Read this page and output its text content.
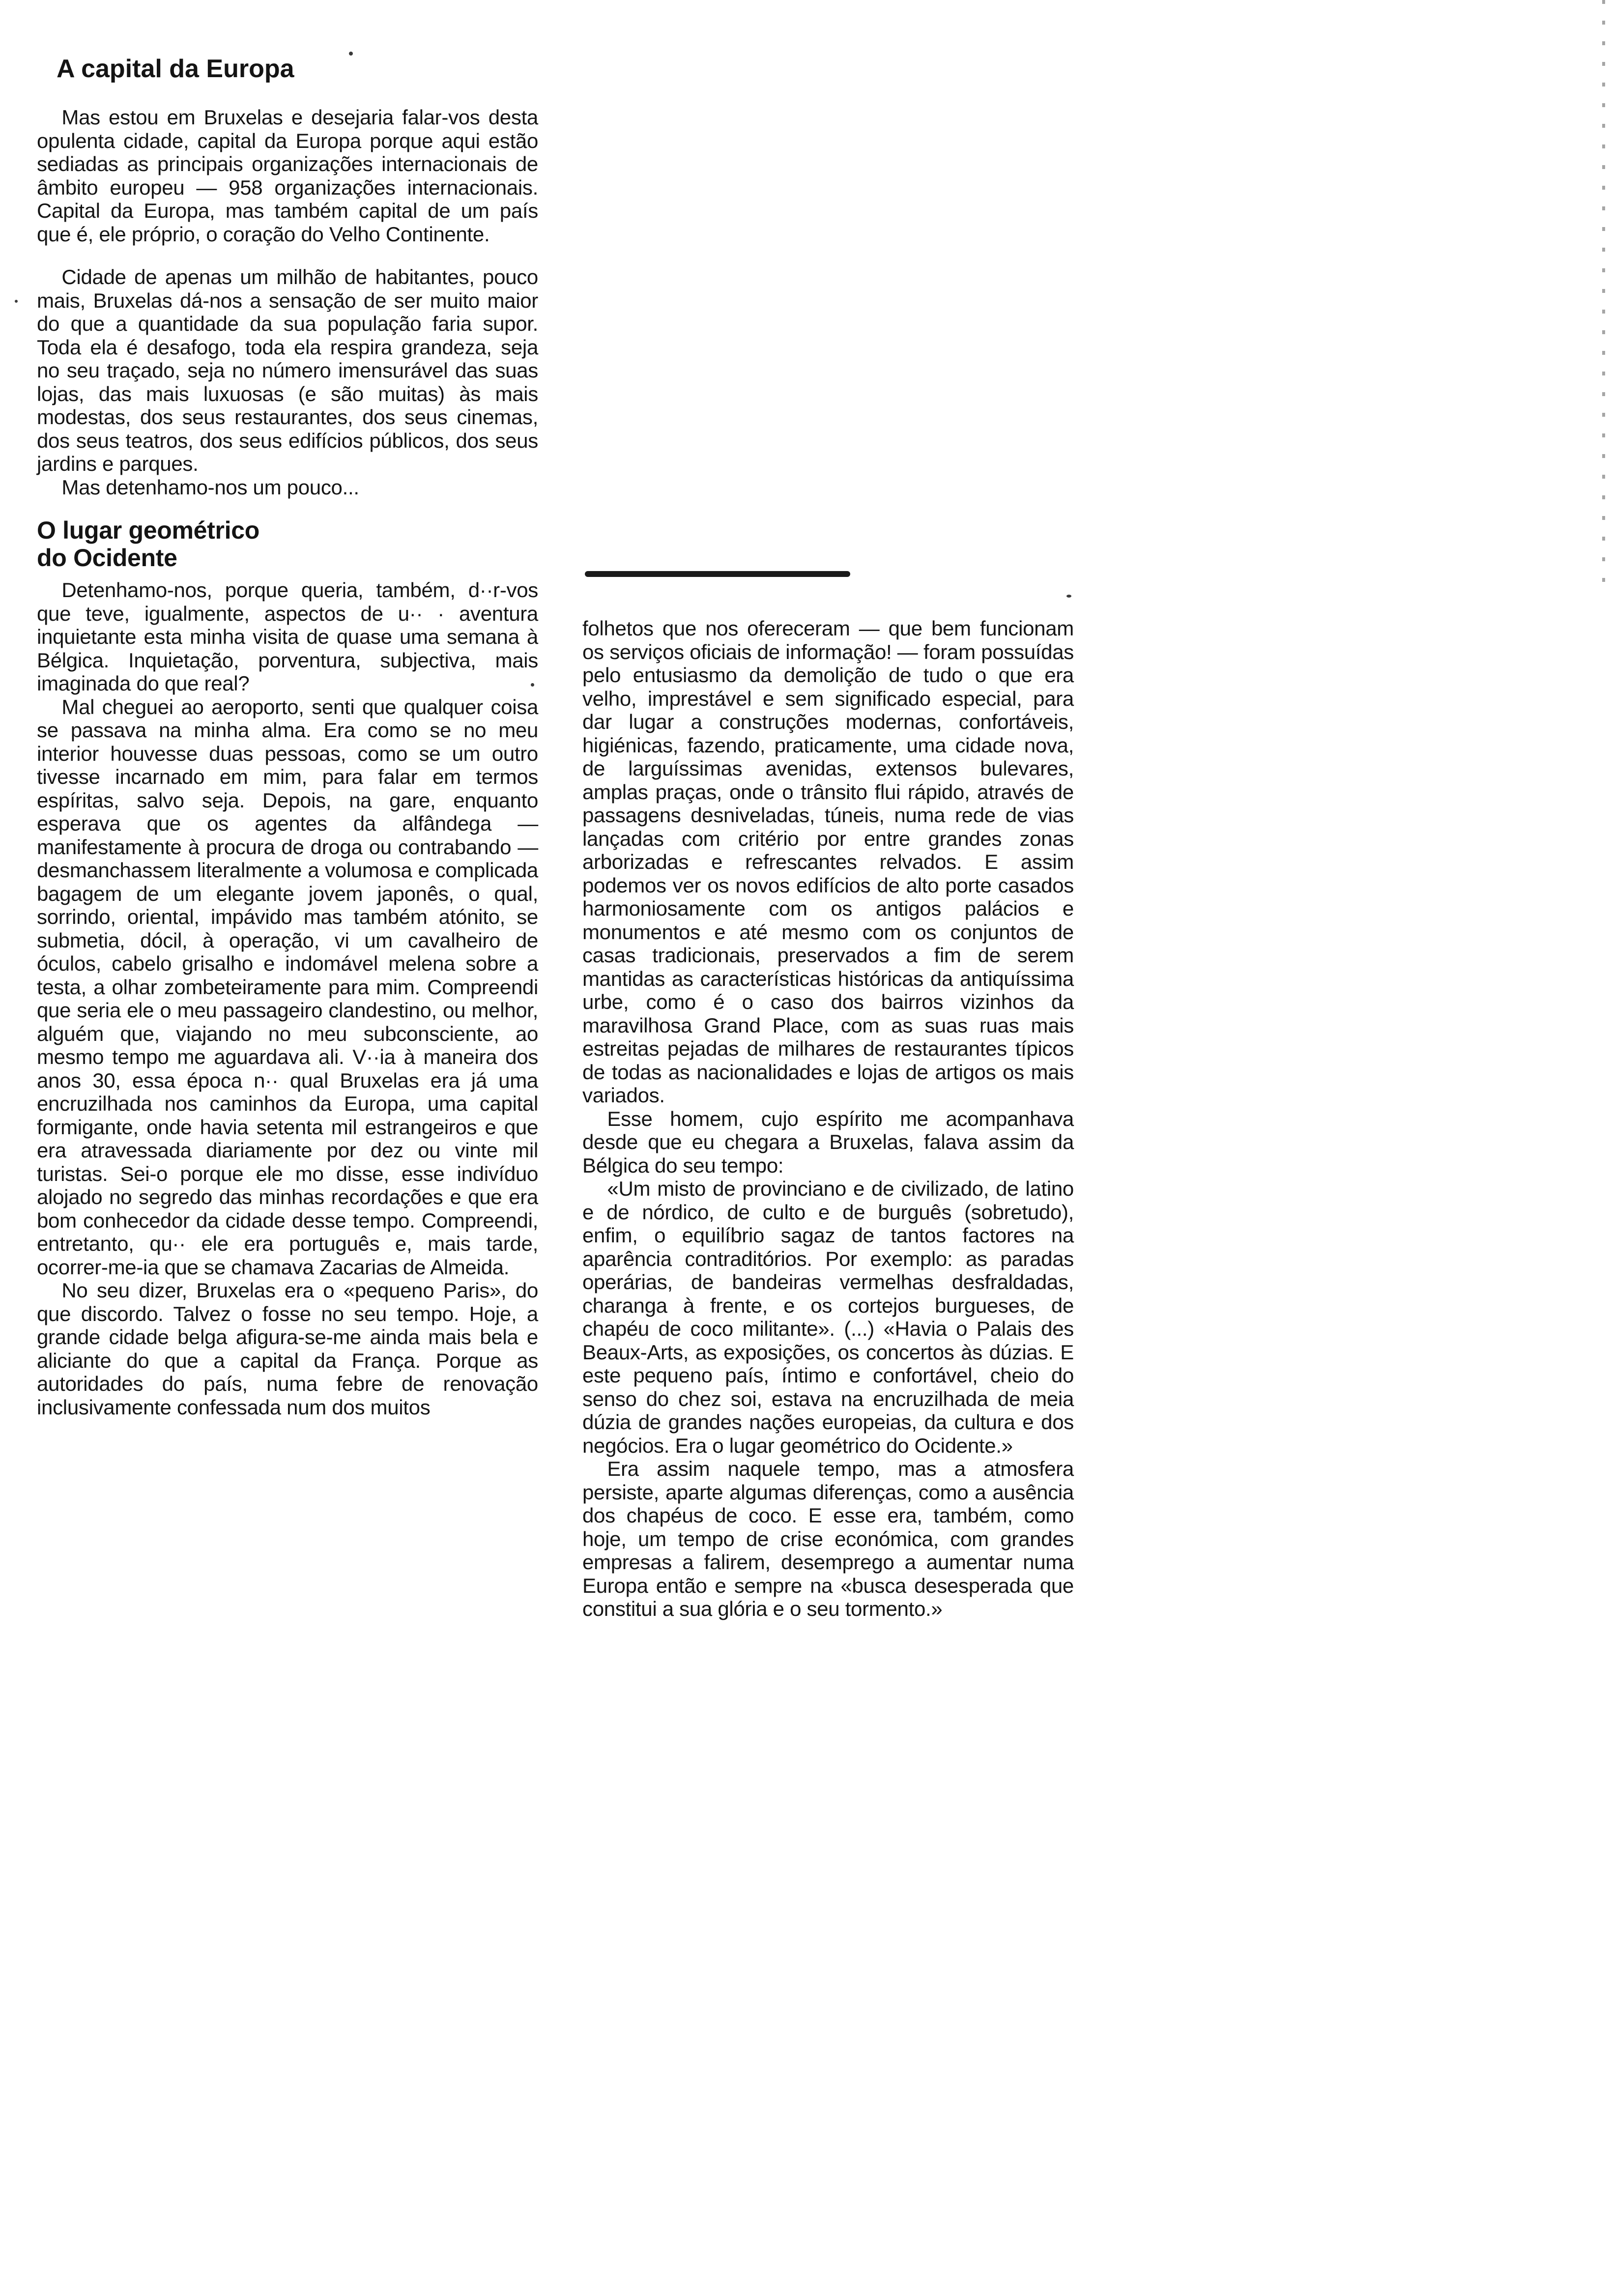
A capital da Europa

Mas estou em Bruxelas e desejaria falar-vos desta opulenta cidade, capital da Europa porque aqui estão sediadas as principais organizações internacionais de âmbito europeu — 958 organizações internacionais. Capital da Europa, mas também capital de um país que é, ele próprio, o coração do Velho Continente.

Cidade de apenas um milhão de habitantes, pouco mais, Bruxelas dá-nos a sensação de ser muito maior do que a quantidade da sua população faria supor. Toda ela é desafogo, toda ela respira grandeza, seja no seu traçado, seja no número imensurável das suas lojas, das mais luxuosas (e são muitas) às mais modestas, dos seus restaurantes, dos seus cinemas, dos seus teatros, dos seus edifícios públicos, dos seus jardins e parques.

Mas detenhamo-nos um pouco...

O lugar geométrico
do Ocidente

Detenhamo-nos, porque queria, também, d··r-vos que teve, igualmente, aspectos de u·· · aventura inquietante esta minha visita de quase uma semana à Bélgica. Inquietação, porventura, subjectiva, mais imaginada do que real?

Mal cheguei ao aeroporto, senti que qualquer coisa se passava na minha alma. Era como se no meu interior houvesse duas pessoas, como se um outro tivesse incarnado em mim, para falar em termos espíritas, salvo seja. Depois, na gare, enquanto esperava que os agentes da alfândega — manifestamente à procura de droga ou contrabando — desmanchassem literalmente a volumosa e complicada bagagem de um elegante jovem japonês, o qual, sorrindo, oriental, impávido mas também atónito, se submetia, dócil, à operação, vi um cavalheiro de óculos, cabelo grisalho e indomável melena sobre a testa, a olhar zombeteiramente para mim. Compreendi que seria ele o meu passageiro clandestino, ou melhor, alguém que, viajando no meu subconsciente, ao mesmo tempo me aguardava ali. V··ia à maneira dos anos 30, essa época n·· qual Bruxelas era já uma encruzilhada nos caminhos da Europa, uma capital formigante, onde havia setenta mil estrangeiros e que era atravessada diariamente por dez ou vinte mil turistas. Sei-o porque ele mo disse, esse indivíduo alojado no segredo das minhas recordações e que era bom conhecedor da cidade desse tempo. Compreendi, entretanto, qu·· ele era português e, mais tarde, ocorrer-me-ia que se chamava Zacarias de Almeida.

No seu dizer, Bruxelas era o «pequeno Paris», do que discordo. Talvez o fosse no seu tempo. Hoje, a grande cidade belga afigura-se-me ainda mais bela e aliciante do que a capital da França. Porque as autoridades do país, numa febre de renovação inclusivamente confessada num dos muitos

folhetos que nos ofereceram — que bem funcionam os serviços oficiais de informação! — foram possuídas pelo entusiasmo da demolição de tudo o que era velho, imprestável e sem significado especial, para dar lugar a construções modernas, confortáveis, higiénicas, fazendo, praticamente, uma cidade nova, de larguíssimas avenidas, extensos bulevares, amplas praças, onde o trânsito flui rápido, através de passagens desniveladas, túneis, numa rede de vias lançadas com critério por entre grandes zonas arborizadas e refrescantes relvados. E assim podemos ver os novos edifícios de alto porte casados harmoniosamente com os antigos palácios e monumentos e até mesmo com os conjuntos de casas tradicionais, preservados a fim de serem mantidas as características históricas da antiquíssima urbe, como é o caso dos bairros vizinhos da maravilhosa Grand Place, com as suas ruas mais estreitas pejadas de milhares de restaurantes típicos de todas as nacionalidades e lojas de artigos os mais variados.

Esse homem, cujo espírito me acompanhava desde que eu chegara a Bruxelas, falava assim da Bélgica do seu tempo:

«Um misto de provinciano e de civilizado, de latino e de nórdico, de culto e de burguês (sobretudo), enfim, o equilíbrio sagaz de tantos factores na aparência contraditórios. Por exemplo: as paradas operárias, de bandeiras vermelhas desfraldadas, charanga à frente, e os cortejos burgueses, de chapéu de coco militante». (...) «Havia o Palais des Beaux-Arts, as exposições, os concertos às dúzias. E este pequeno país, íntimo e confortável, cheio do senso do chez soi, estava na encruzilhada de meia dúzia de grandes nações europeias, da cultura e dos negócios. Era o lugar geométrico do Ocidente.»

Era assim naquele tempo, mas a atmosfera persiste, aparte algumas diferenças, como a ausência dos chapéus de coco. E esse era, também, como hoje, um tempo de crise económica, com grandes empresas a falirem, desemprego a aumentar numa Europa então e sempre na «busca desesperada que constitui a sua glória e o seu tormento.»
